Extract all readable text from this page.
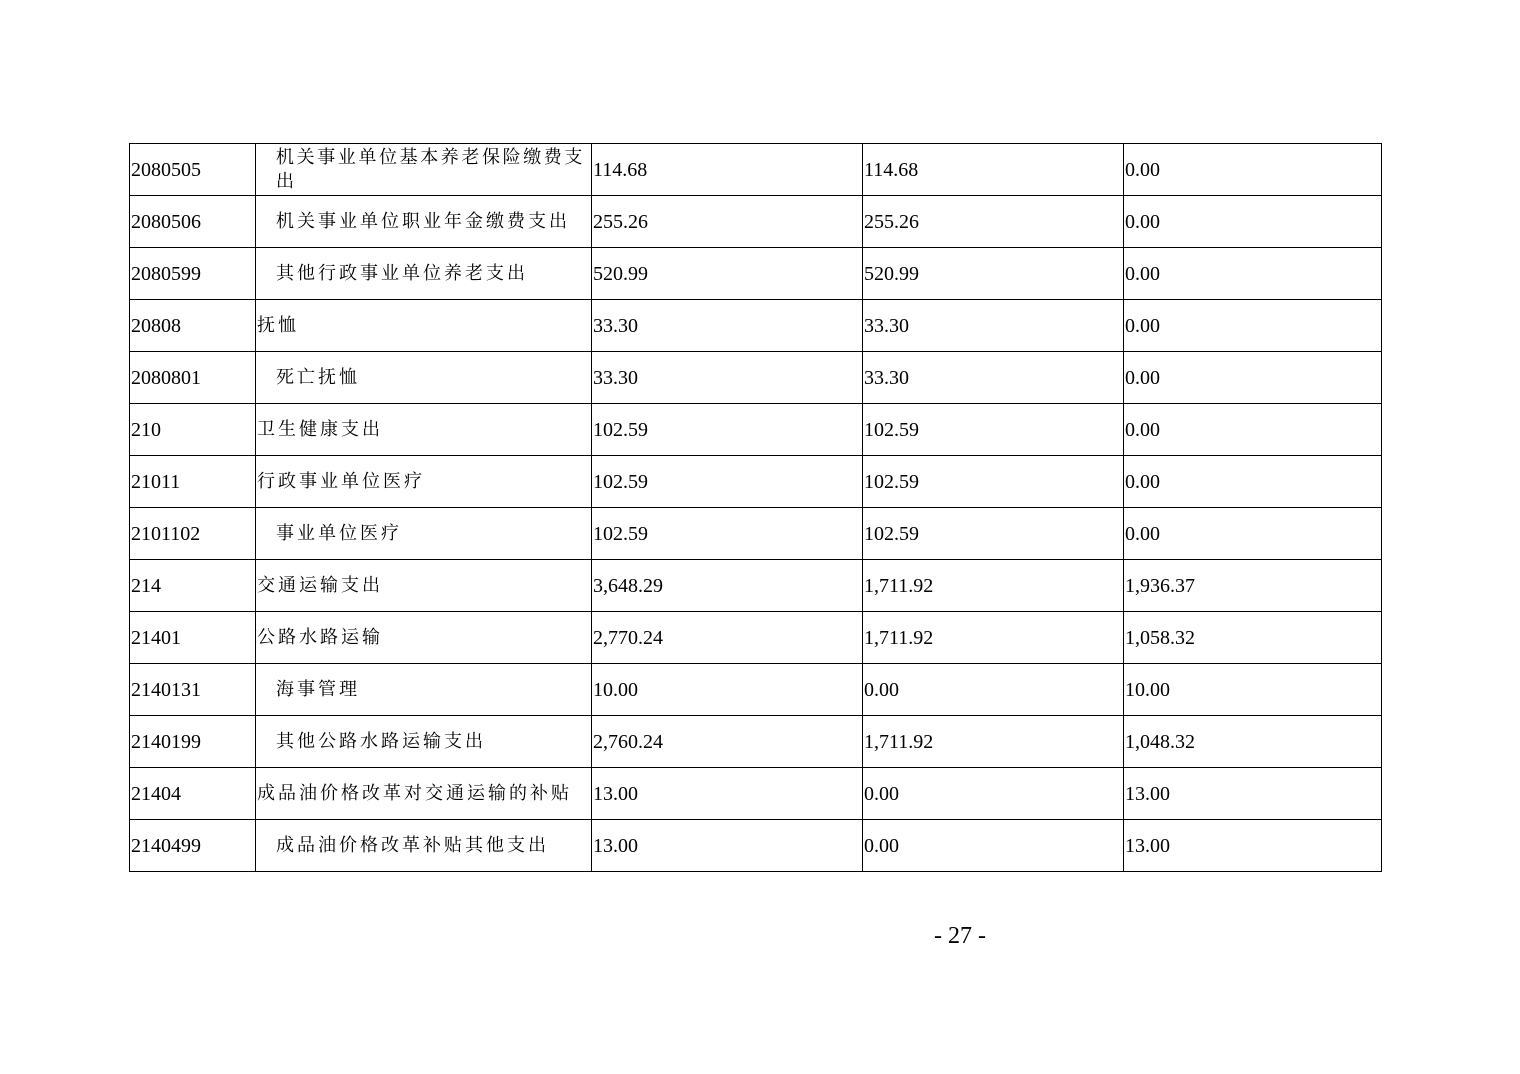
2080505	机关事业单位基本养老保险缴费支出	114.68	114.68	0.00
2080506	机关事业单位职业年金缴费支出	255.26	255.26	0.00
2080599	其他行政事业单位养老支出	520.99	520.99	0.00
20808	抚恤	33.30	33.30	0.00
2080801	死亡抚恤	33.30	33.30	0.00
210	卫生健康支出	102.59	102.59	0.00
21011	行政事业单位医疗	102.59	102.59	0.00
2101102	事业单位医疗	102.59	102.59	0.00
214	交通运输支出	3,648.29	1,711.92	1,936.37
21401	公路水路运输	2,770.24	1,711.92	1,058.32
2140131	海事管理	10.00	0.00	10.00
2140199	其他公路水路运输支出	2,760.24	1,711.92	1,048.32
21404	成品油价格改革对交通运输的补贴	13.00	0.00	13.00
2140499	成品油价格改革补贴其他支出	13.00	0.00	13.00
- 27 -
